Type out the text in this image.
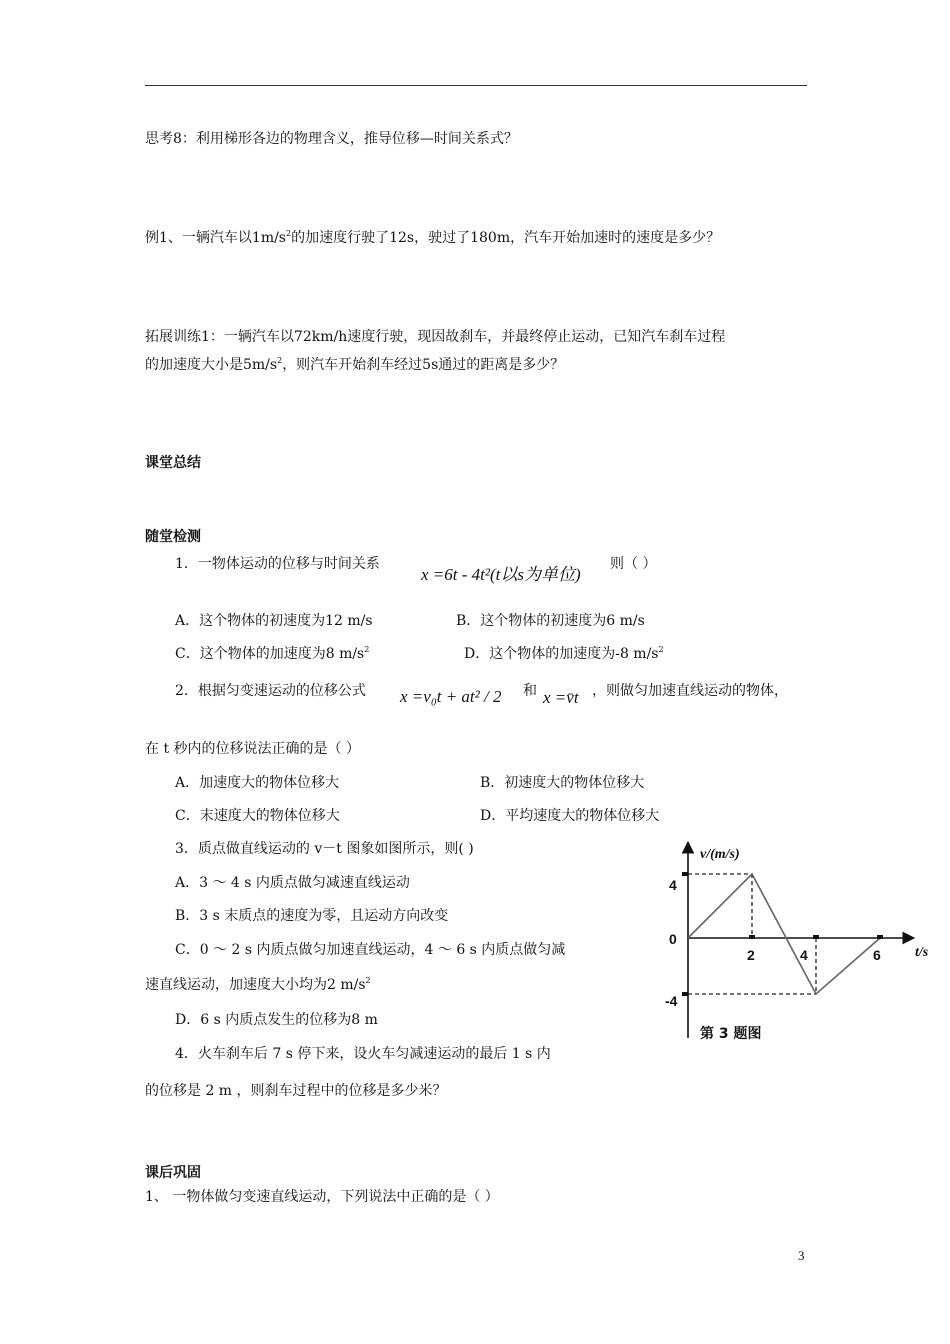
思考8：利用梯形各边的物理含义，推导位移—时间关系式？
例1、一辆汽车以$1m/s^2$的加速度行驶了12s，驶过了180m，汽车开始加速时的速度是多少？
拓展训练1：一辆汽车以72km/h速度行驶，现因故刹车，并最终停止运动，已知汽车刹车过程
的加速度大小是$5m/s^2$，则汽车开始刹车经过5s通过的距离是多少？
课堂总结
随堂检测
1．一物体运动的位移与时间关系
x =6t - 4t²(t以s为单位)
则（ ）
A．这个物体的初速度为12 m/s	B．这个物体的初速度为6 m/s
C．这个物体的加速度为8 $m/s^2$	D．这个物体的加速度为-8 $m/s^2$
2．根据匀变速运动的位移公式 x =v₀t + at² / 2 和 x =v̄t ，则做匀加速直线运动的物体，
在 t 秒内的位移说法正确的是（ ）
A．加速度大的物体位移大	B．初速度大的物体位移大
C．末速度大的物体位移大	D．平均速度大的物体位移大
3．质点做直线运动的 v－t 图象如图所示，则( )
A．3 ～ 4 s 内质点做匀减速直线运动
B．3 s 末质点的速度为零，且运动方向改变
C．0 ～ 2 s 内质点做匀加速直线运动，4 ～ 6 s 内质点做匀减
速直线运动，加速度大小均为2 $m/s^2$
D．6 s 内质点发生的位移为8 m
4．火车刹车后 7 s 停下来，设火车匀减速运动的最后 1 s 内
的位移是 2 m ，则刹车过程中的位移是多少米？
课后巩固
1、 一物体做匀变速直线运动，下列说法中正确的是（ ）
3
v/(m/s)
t/s
4
0
-4
2	4	6
第 3 题图
